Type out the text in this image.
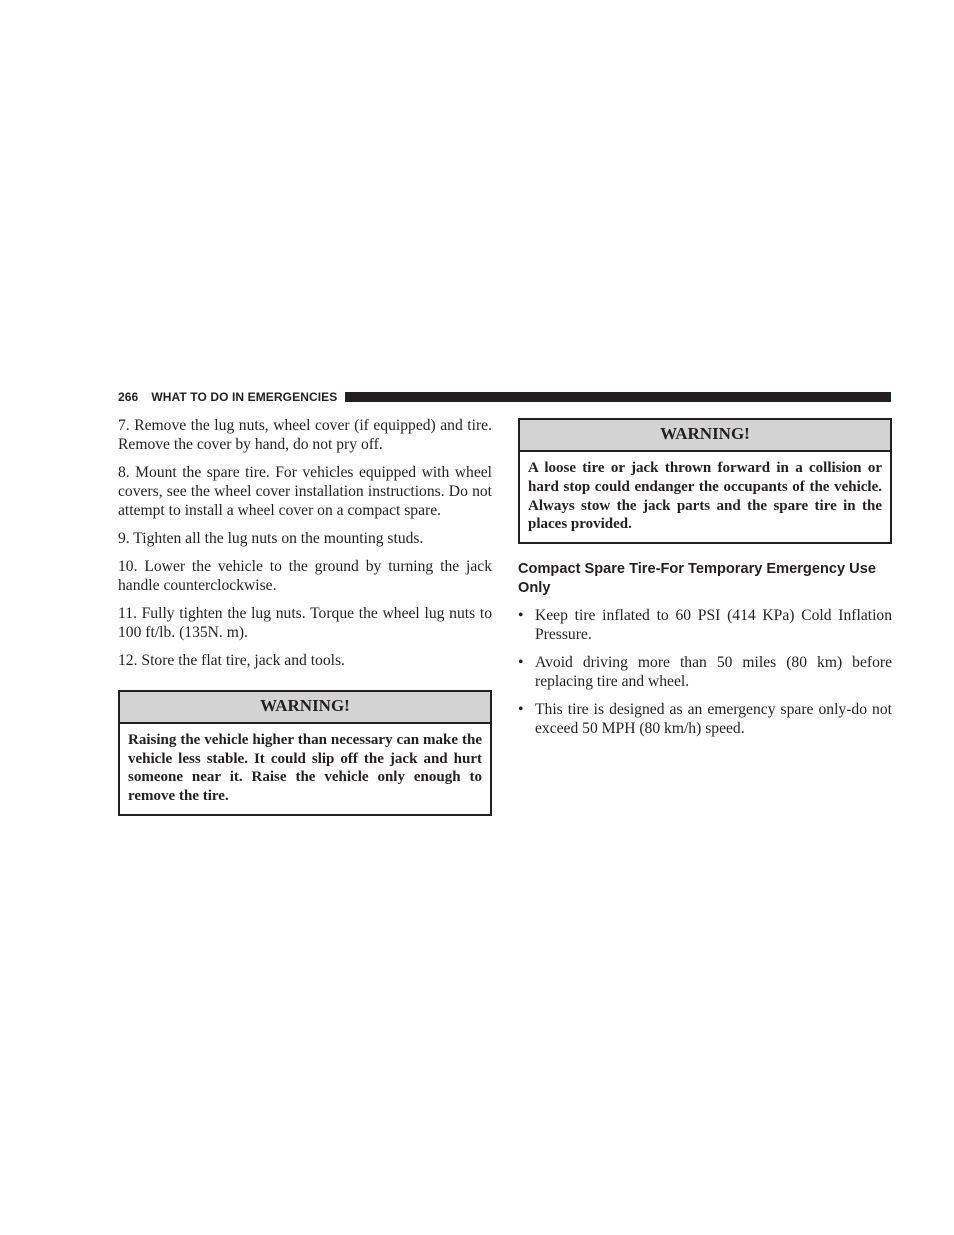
266 WHAT TO DO IN EMERGENCIES

7. Remove the lug nuts, wheel cover (if equipped) and tire. Remove the cover by hand, do not pry off.

8. Mount the spare tire. For vehicles equipped with wheel covers, see the wheel cover installation instructions. Do not attempt to install a wheel cover on a compact spare.

9. Tighten all the lug nuts on the mounting studs.

10. Lower the vehicle to the ground by turning the jack handle counterclockwise.

11. Fully tighten the lug nuts. Torque the wheel lug nuts to 100 ft/lb. (135N. m).

12. Store the flat tire, jack and tools.

WARNING!
Raising the vehicle higher than necessary can make the vehicle less stable. It could slip off the jack and hurt someone near it. Raise the vehicle only enough to remove the tire.
WARNING!
A loose tire or jack thrown forward in a collision or hard stop could endanger the occupants of the vehicle. Always stow the jack parts and the spare tire in the places provided.
Compact Spare Tire-For Temporary Emergency Use Only
• Keep tire inflated to 60 PSI (414 KPa) Cold Inflation Pressure.
• Avoid driving more than 50 miles (80 km) before replacing tire and wheel.
• This tire is designed as an emergency spare only-do not exceed 50 MPH (80 km/h) speed.
